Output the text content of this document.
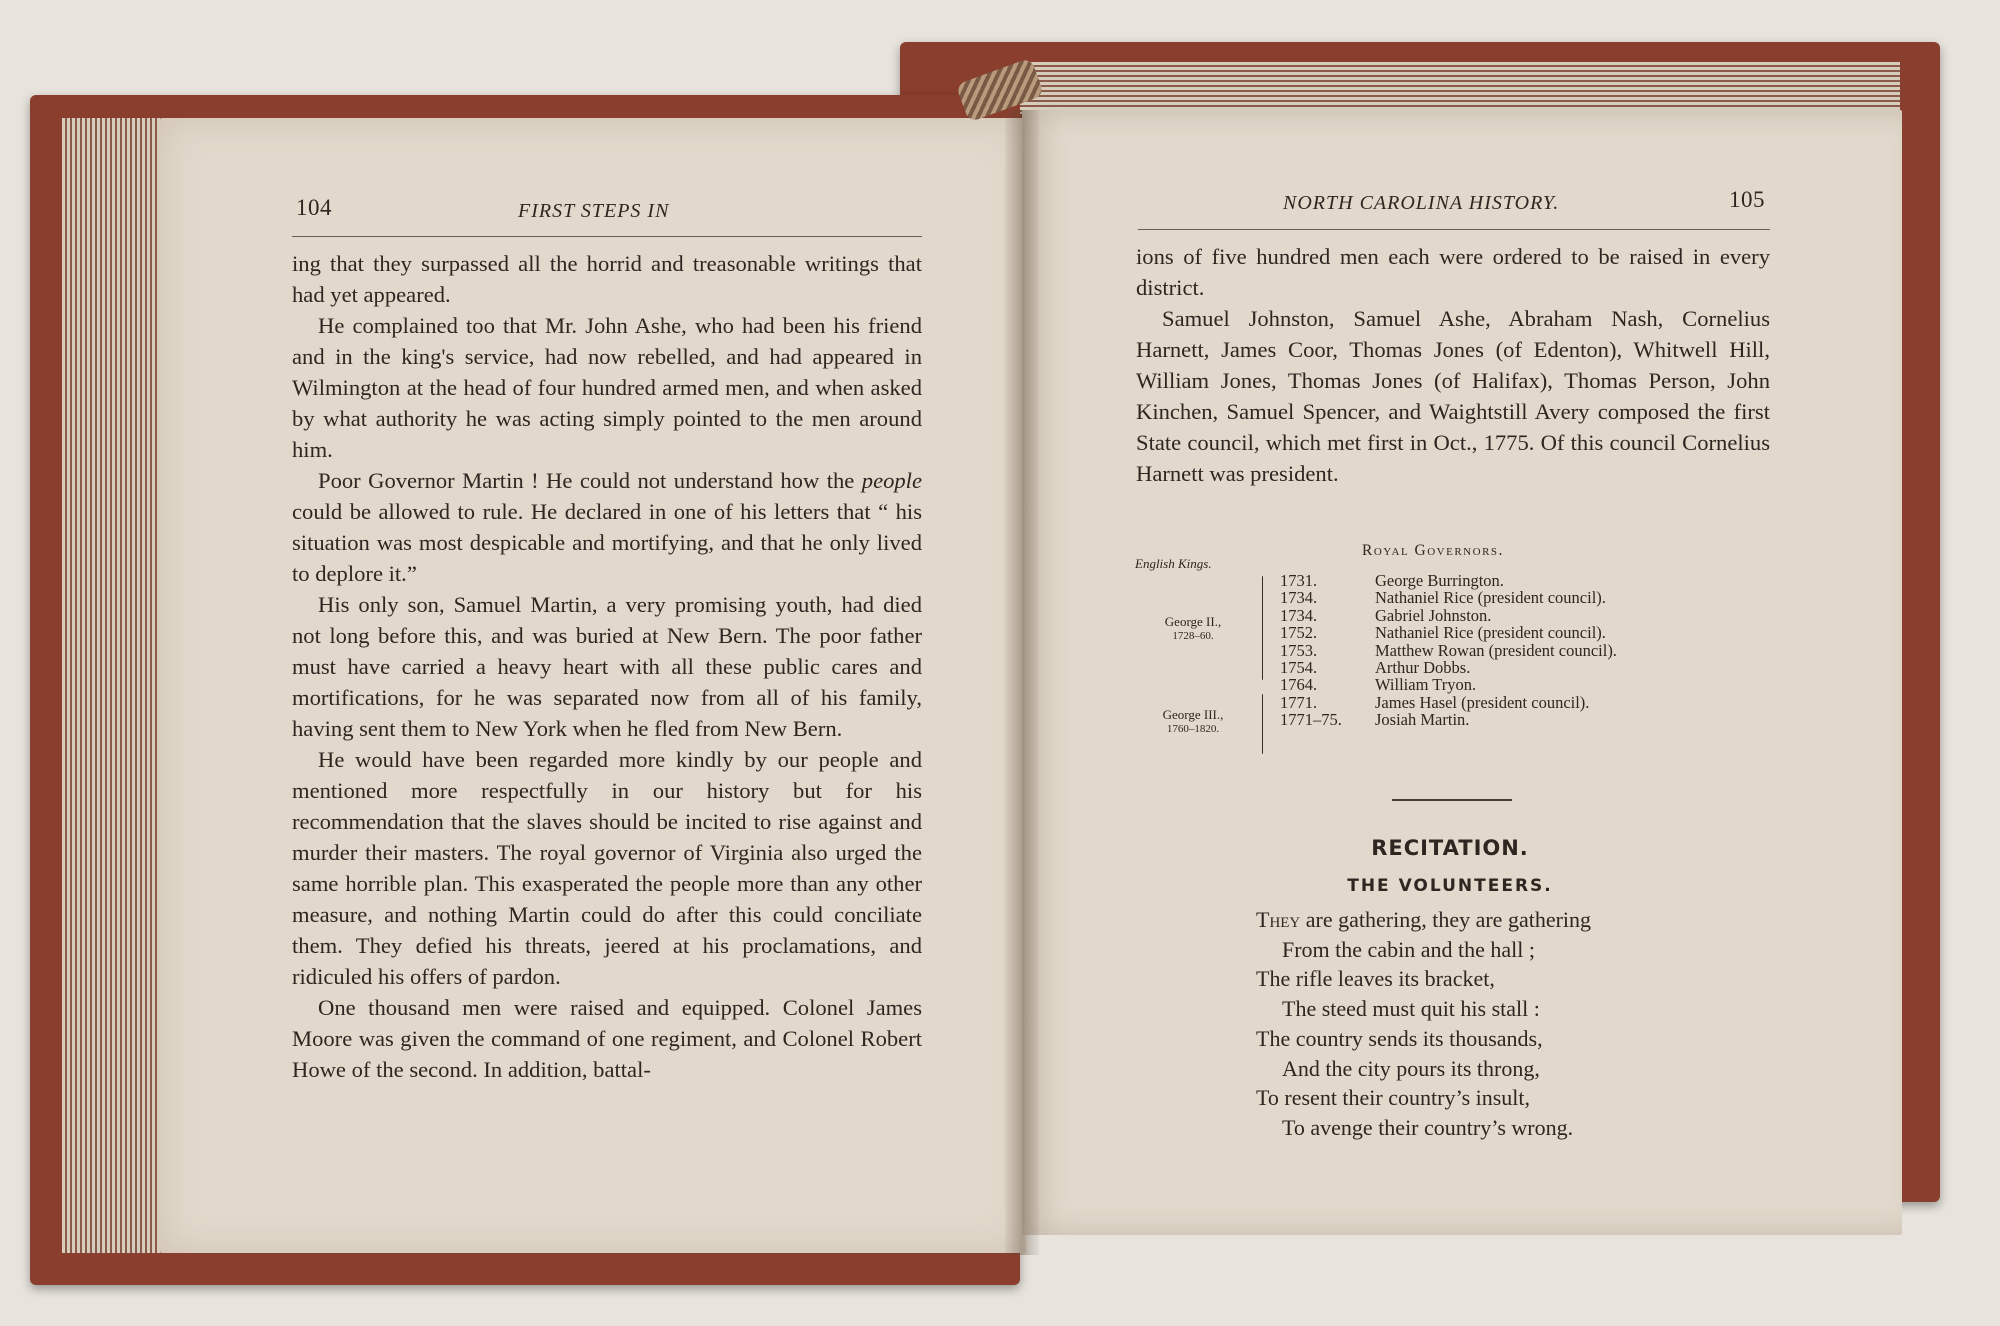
104	FIRST STEPS IN

ing that they surpassed all the horrid and treasonable writings that had yet appeared.

He complained too that Mr. John Ashe, who had been his friend and in the king's service, had now rebelled, and had appeared in Wilmington at the head of four hundred armed men, and when asked by what authority he was acting simply pointed to the men around him.

Poor Governor Martin ! He could not understand how the people could be allowed to rule. He declared in one of his letters that “ his situation was most despicable and mortifying, and that he only lived to deplore it.”

His only son, Samuel Martin, a very promising youth, had died not long before this, and was buried at New Bern. The poor father must have carried a heavy heart with all these public cares and mortifications, for he was separated now from all of his family, having sent them to New York when he fled from New Bern.

He would have been regarded more kindly by our people and mentioned more respectfully in our history but for his recommendation that the slaves should be incited to rise against and murder their masters. The royal governor of Virginia also urged the same horrible plan. This exasperated the people more than any other measure, and nothing Martin could do after this could conciliate them. They defied his threats, jeered at his proclamations, and ridiculed his offers of pardon.

One thousand men were raised and equipped. Colonel James Moore was given the command of one regiment, and Colonel Robert Howe of the second. In addition, battal-

NORTH CAROLINA HISTORY.	105

ions of five hundred men each were ordered to be raised in every district.

Samuel Johnston, Samuel Ashe, Abraham Nash, Cornelius Harnett, James Coor, Thomas Jones (of Edenton), Whitwell Hill, William Jones, Thomas Jones (of Halifax), Thomas Person, John Kinchen, Samuel Spencer, and Waightstill Avery composed the first State council, which met first in Oct., 1775. Of this council Cornelius Harnett was president.

Royal Governors.
English Kings.
George II.,
1728–60.
George III.,
1760–1820.
1731.	George Burrington.
1734.	Nathaniel Rice (president council).
1734.	Gabriel Johnston.
1752.	Nathaniel Rice (president council).
1753.	Matthew Rowan (president council).
1754.	Arthur Dobbs.
1764.	William Tryon.
1771.	James Hasel (president council).
1771–75.	Josiah Martin.
RECITATION.
THE VOLUNTEERS.
They are gathering, they are gathering
From the cabin and the hall ;
The rifle leaves its bracket,
The steed must quit his stall :
The country sends its thousands,
And the city pours its throng,
To resent their country’s insult,
To avenge their country’s wrong.
